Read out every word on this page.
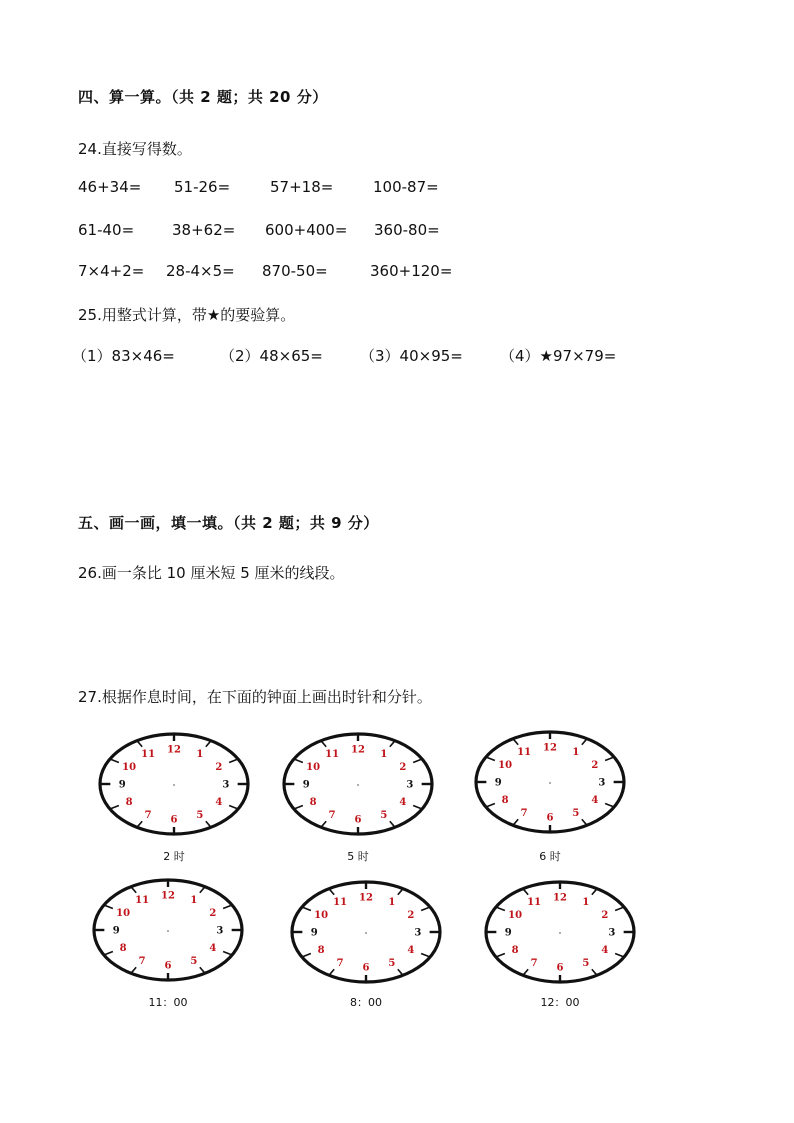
四、算一算。（共 2 题；共 20 分）
24.直接写得数。
46+34= 51-26=	57+18=	100-87=
61-40=	38+62= 600+400= 360-80=
7×4+2= 28-4×5= 870-50=	360+120=
25.用整式计算，带★的要验算。
（1）83×46=	（2）48×65= （3）40×95= （4）★97×79=
五、画一画，填一填。（共 2 题；共 9 分）
26.画一条比 10 厘米短 5 厘米的线段。
27.根据作息时间，在下面的钟面上画出时针和分针。
12 1
2
3
4
5
6
7
8
9
10
11
2 时
12 1
2
3
4
5
6
7
8
9
10
11
5 时
12 1
2
3
4
5
6
7
8
9
10
11
6 时
12 1
2
3
4
5
6
7
8
9
10
11
11：00
12 1
2
3
4
5
6
7
8
9
10
11
8：00
12 1
2
3
4
5
6
7
8
9
10
11
12：00
